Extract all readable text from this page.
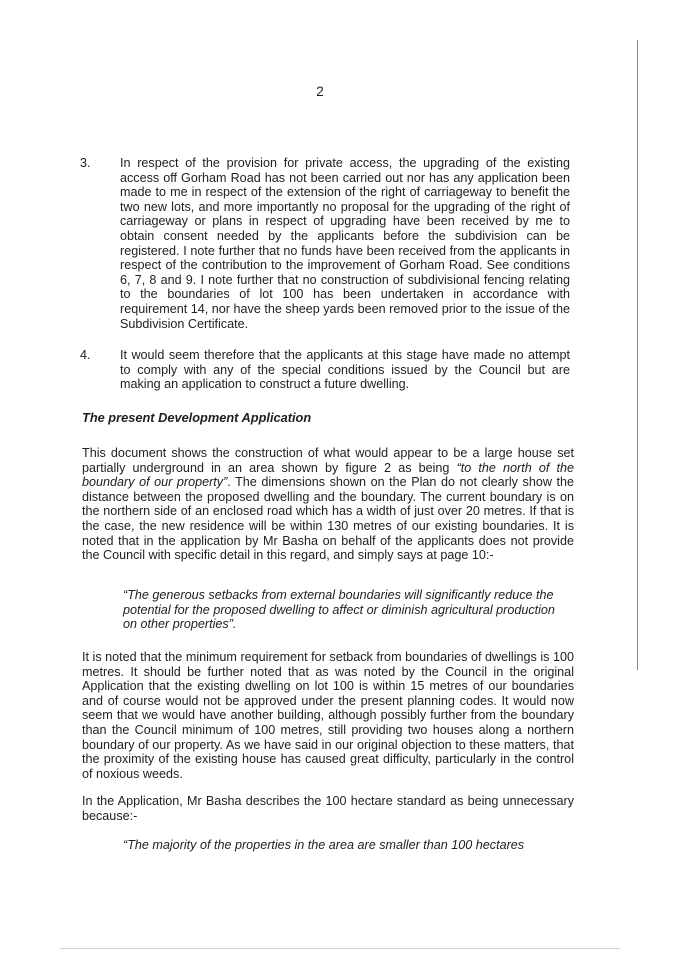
2
3.	In respect of the provision for private access, the upgrading of the existing access off Gorham Road has not been carried out nor has any application been made to me in respect of the extension of the right of carriageway to benefit the two new lots, and more importantly no proposal for the upgrading of the right of carriageway or plans in respect of upgrading have been received by me to obtain consent needed by the applicants before the subdivision can be registered. I note further that no funds have been received from the applicants in respect of the contribution to the improvement of Gorham Road. See conditions 6, 7, 8 and 9. I note further that no construction of subdivisional fencing relating to the boundaries of lot 100 has been undertaken in accordance with requirement 14, nor have the sheep yards been removed prior to the issue of the Subdivision Certificate.
4.	It would seem therefore that the applicants at this stage have made no attempt to comply with any of the special conditions issued by the Council but are making an application to construct a future dwelling.
The present Development Application
This document shows the construction of what would appear to be a large house set partially underground in an area shown by figure 2 as being “to the north of the boundary of our property”. The dimensions shown on the Plan do not clearly show the distance between the proposed dwelling and the boundary. The current boundary is on the northern side of an enclosed road which has a width of just over 20 metres. If that is the case, the new residence will be within 130 metres of our existing boundaries. It is noted that in the application by Mr Basha on behalf of the applicants does not provide the Council with specific detail in this regard, and simply says at page 10:-
“The generous setbacks from external boundaries will significantly reduce the potential for the proposed dwelling to affect or diminish agricultural production on other properties”.
It is noted that the minimum requirement for setback from boundaries of dwellings is 100 metres. It should be further noted that as was noted by the Council in the original Application that the existing dwelling on lot 100 is within 15 metres of our boundaries and of course would not be approved under the present planning codes. It would now seem that we would have another building, although possibly further from the boundary than the Council minimum of 100 metres, still providing two houses along a northern boundary of our property. As we have said in our original objection to these matters, that the proximity of the existing house has caused great difficulty, particularly in the control of noxious weeds.
In the Application, Mr Basha describes the 100 hectare standard as being unnecessary because:-
“The majority of the properties in the area are smaller than 100 hectares
